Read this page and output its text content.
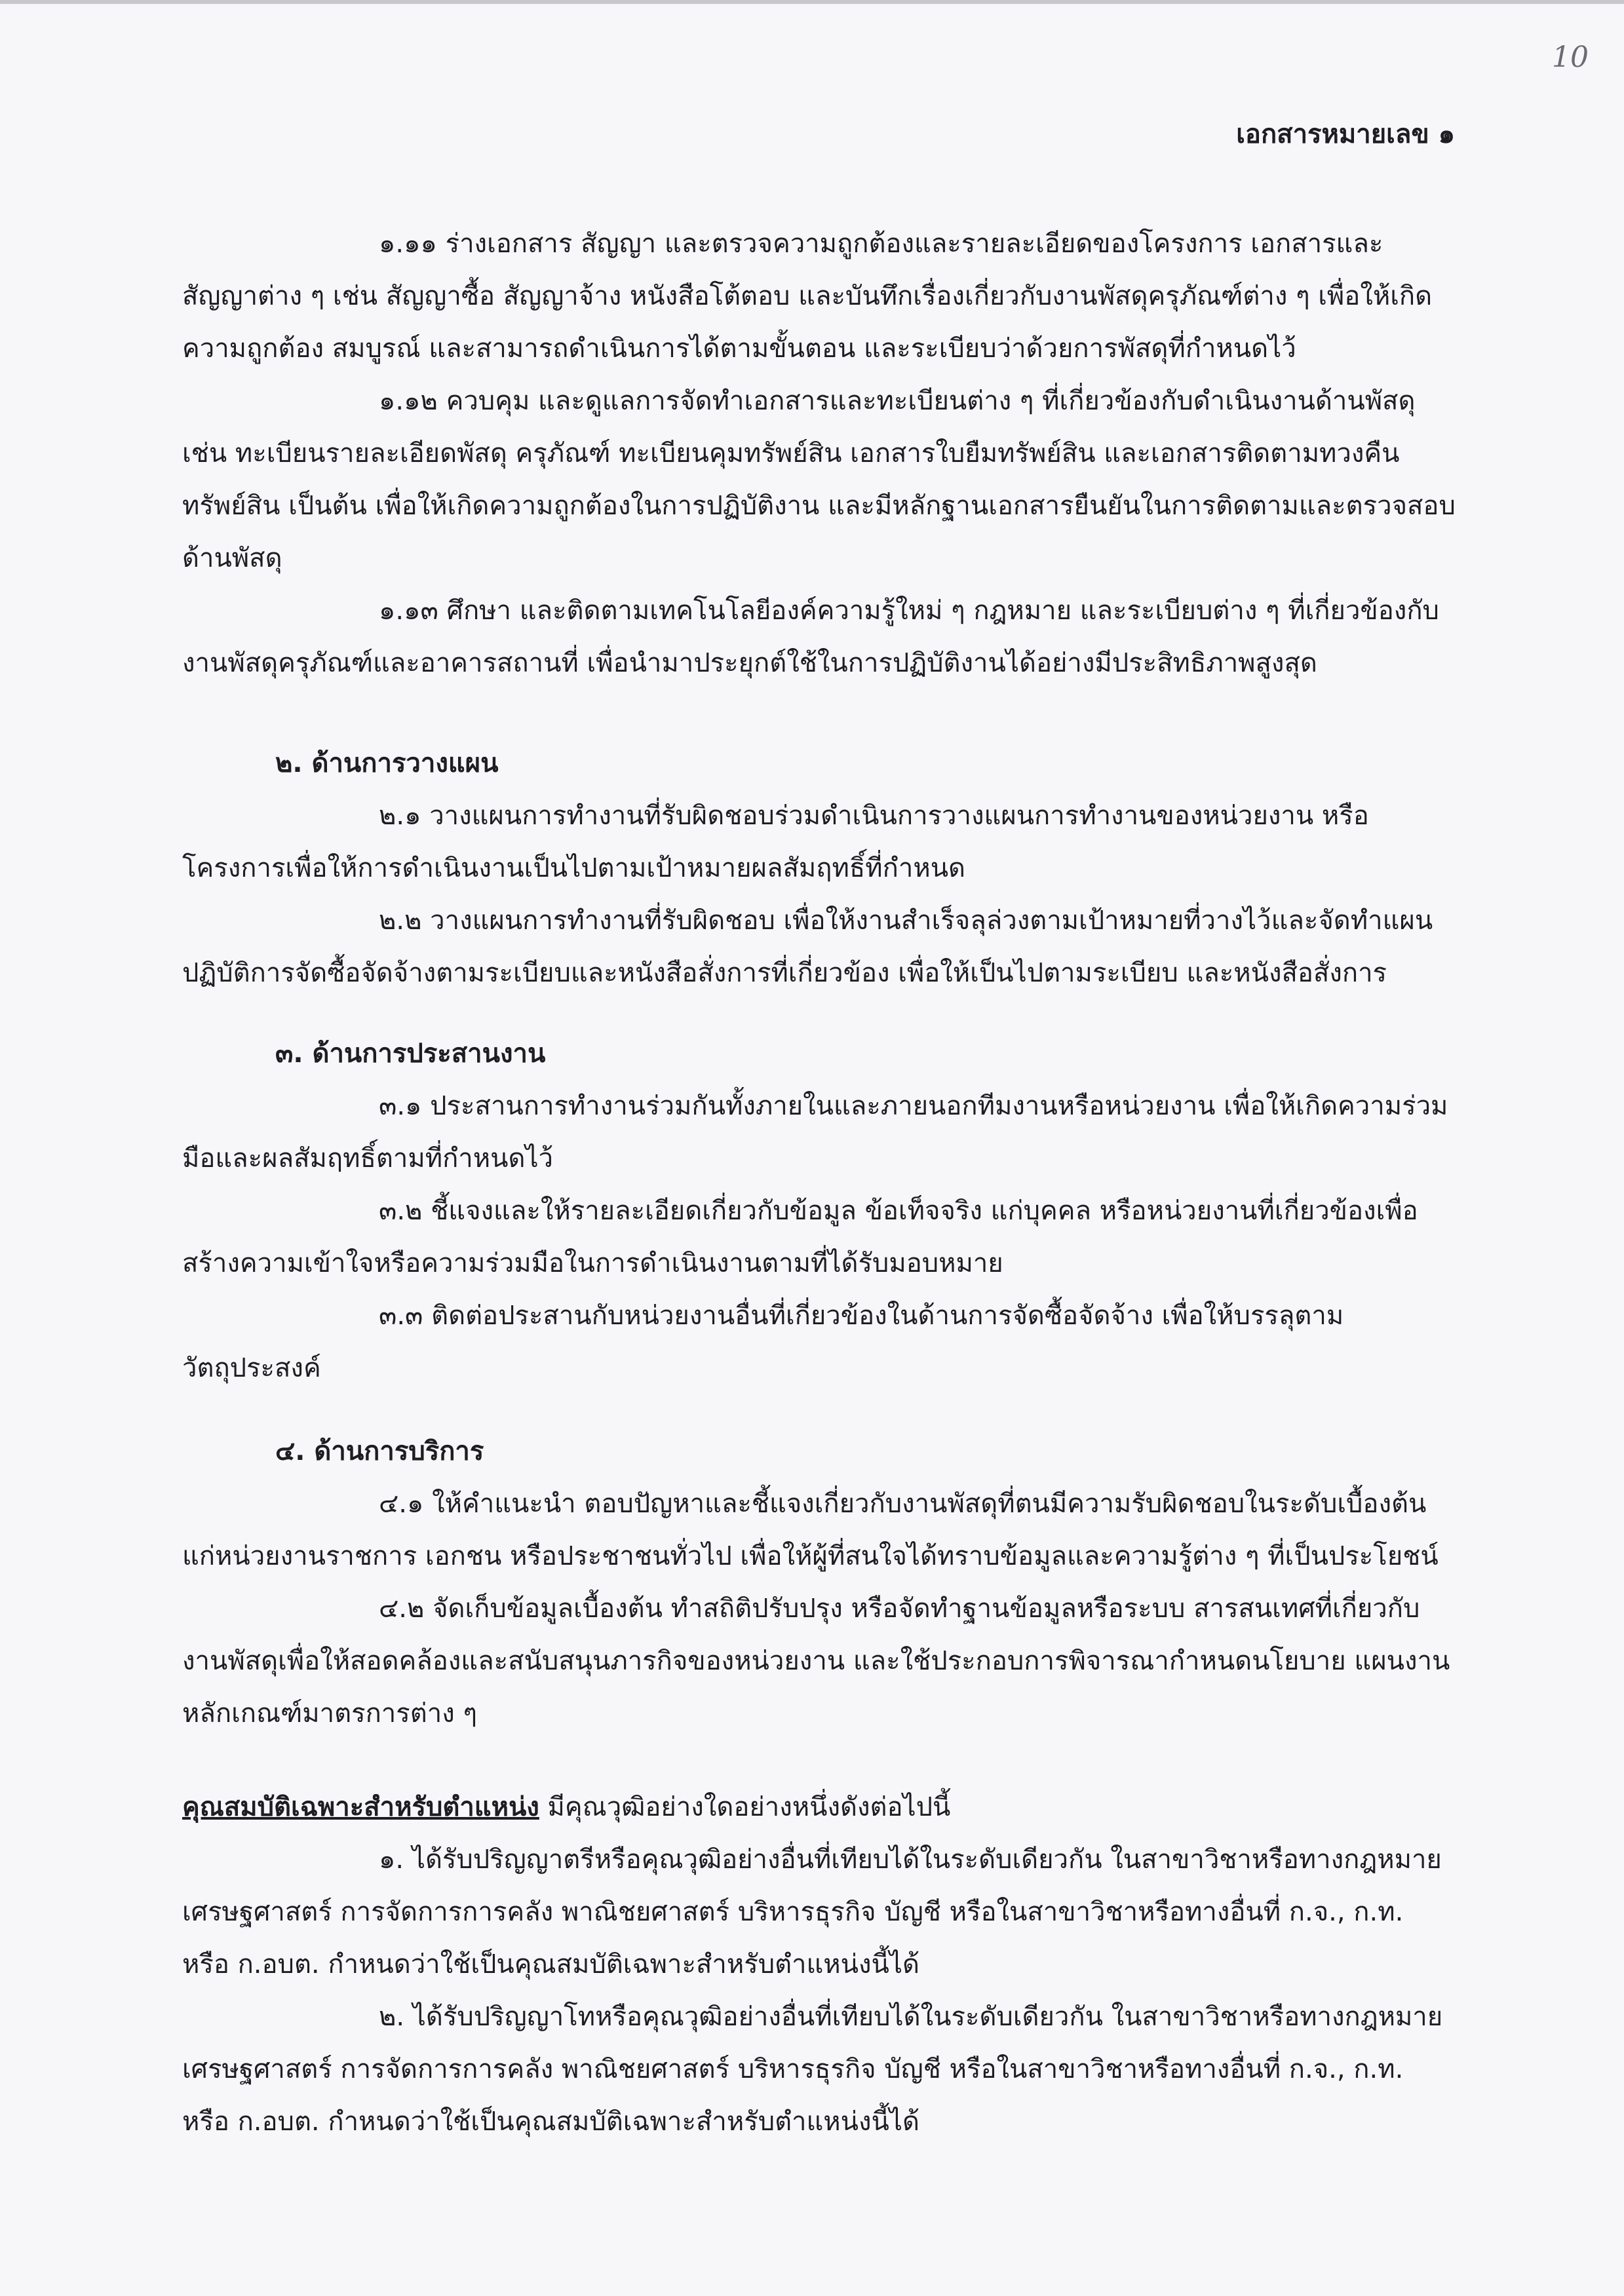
10
เอกสารหมายเลข ๑

๑.๑๑ ร่างเอกสาร สัญญา และตรวจความถูกต้องและรายละเอียดของโครงการ เอกสารและสัญญาต่าง ๆ เช่น สัญญาซื้อ สัญญาจ้าง หนังสือโต้ตอบ และบันทึกเรื่องเกี่ยวกับงานพัสดุครุภัณฑ์ต่าง ๆ เพื่อให้เกิดความถูกต้อง สมบูรณ์ และสามารถดำเนินการได้ตามขั้นตอน และระเบียบว่าด้วยการพัสดุที่กำหนดไว้

๑.๑๒ ควบคุม และดูแลการจัดทำเอกสารและทะเบียนต่าง ๆ ที่เกี่ยวข้องกับดำเนินงานด้านพัสดุ เช่น ทะเบียนรายละเอียดพัสดุ ครุภัณฑ์ ทะเบียนคุมทรัพย์สิน เอกสารใบยืมทรัพย์สิน และเอกสารติดตามทวงคืนทรัพย์สิน เป็นต้น เพื่อให้เกิดความถูกต้องในการปฏิบัติงาน และมีหลักฐานเอกสารยืนยันในการติดตามและตรวจสอบด้านพัสดุ

๑.๑๓ ศึกษา และติดตามเทคโนโลยีองค์ความรู้ใหม่ ๆ กฎหมาย และระเบียบต่าง ๆ ที่เกี่ยวข้องกับงานพัสดุครุภัณฑ์และอาคารสถานที่ เพื่อนำมาประยุกต์ใช้ในการปฏิบัติงานได้อย่างมีประสิทธิภาพสูงสุด

๒. ด้านการวางแผน

๒.๑ วางแผนการทำงานที่รับผิดชอบร่วมดำเนินการวางแผนการทำงานของหน่วยงาน หรือโครงการเพื่อให้การดำเนินงานเป็นไปตามเป้าหมายผลสัมฤทธิ์ที่กำหนด

๒.๒ วางแผนการทำงานที่รับผิดชอบ เพื่อให้งานสำเร็จลุล่วงตามเป้าหมายที่วางไว้และจัดทำแผนปฏิบัติการจัดซื้อจัดจ้างตามระเบียบและหนังสือสั่งการที่เกี่ยวข้อง เพื่อให้เป็นไปตามระเบียบ และหนังสือสั่งการ

๓. ด้านการประสานงาน

๓.๑ ประสานการทำงานร่วมกันทั้งภายในและภายนอกทีมงานหรือหน่วยงาน เพื่อให้เกิดความร่วมมือและผลสัมฤทธิ์ตามที่กำหนดไว้

๓.๒ ชี้แจงและให้รายละเอียดเกี่ยวกับข้อมูล ข้อเท็จจริง แก่บุคคล หรือหน่วยงานที่เกี่ยวข้องเพื่อสร้างความเข้าใจหรือความร่วมมือในการดำเนินงานตามที่ได้รับมอบหมาย

๓.๓ ติดต่อประสานกับหน่วยงานอื่นที่เกี่ยวข้องในด้านการจัดซื้อจัดจ้าง เพื่อให้บรรลุตามวัตถุประสงค์

๔. ด้านการบริการ

๔.๑ ให้คำแนะนำ ตอบปัญหาและชี้แจงเกี่ยวกับงานพัสดุที่ตนมีความรับผิดชอบในระดับเบื้องต้นแก่หน่วยงานราชการ เอกชน หรือประชาชนทั่วไป เพื่อให้ผู้ที่สนใจได้ทราบข้อมูลและความรู้ต่าง ๆ ที่เป็นประโยชน์

๔.๒ จัดเก็บข้อมูลเบื้องต้น ทำสถิติปรับปรุง หรือจัดทำฐานข้อมูลหรือระบบ สารสนเทศที่เกี่ยวกับงานพัสดุเพื่อให้สอดคล้องและสนับสนุนภารกิจของหน่วยงาน และใช้ประกอบการพิจารณากำหนดนโยบาย แผนงานหลักเกณฑ์มาตรการต่าง ๆ

คุณสมบัติเฉพาะสำหรับตำแหน่ง มีคุณวุฒิอย่างใดอย่างหนึ่งดังต่อไปนี้

๑. ได้รับปริญญาตรีหรือคุณวุฒิอย่างอื่นที่เทียบได้ในระดับเดียวกัน ในสาขาวิชาหรือทางกฎหมายเศรษฐศาสตร์ การจัดการการคลัง พาณิชยศาสตร์ บริหารธุรกิจ บัญชี หรือในสาขาวิชาหรือทางอื่นที่ ก.จ., ก.ท. หรือ ก.อบต. กำหนดว่าใช้เป็นคุณสมบัติเฉพาะสำหรับตำแหน่งนี้ได้

๒. ได้รับปริญญาโทหรือคุณวุฒิอย่างอื่นที่เทียบได้ในระดับเดียวกัน ในสาขาวิชาหรือทางกฎหมายเศรษฐศาสตร์ การจัดการการคลัง พาณิชยศาสตร์ บริหารธุรกิจ บัญชี หรือในสาขาวิชาหรือทางอื่นที่ ก.จ., ก.ท. หรือ ก.อบต. กำหนดว่าใช้เป็นคุณสมบัติเฉพาะสำหรับตำแหน่งนี้ได้
